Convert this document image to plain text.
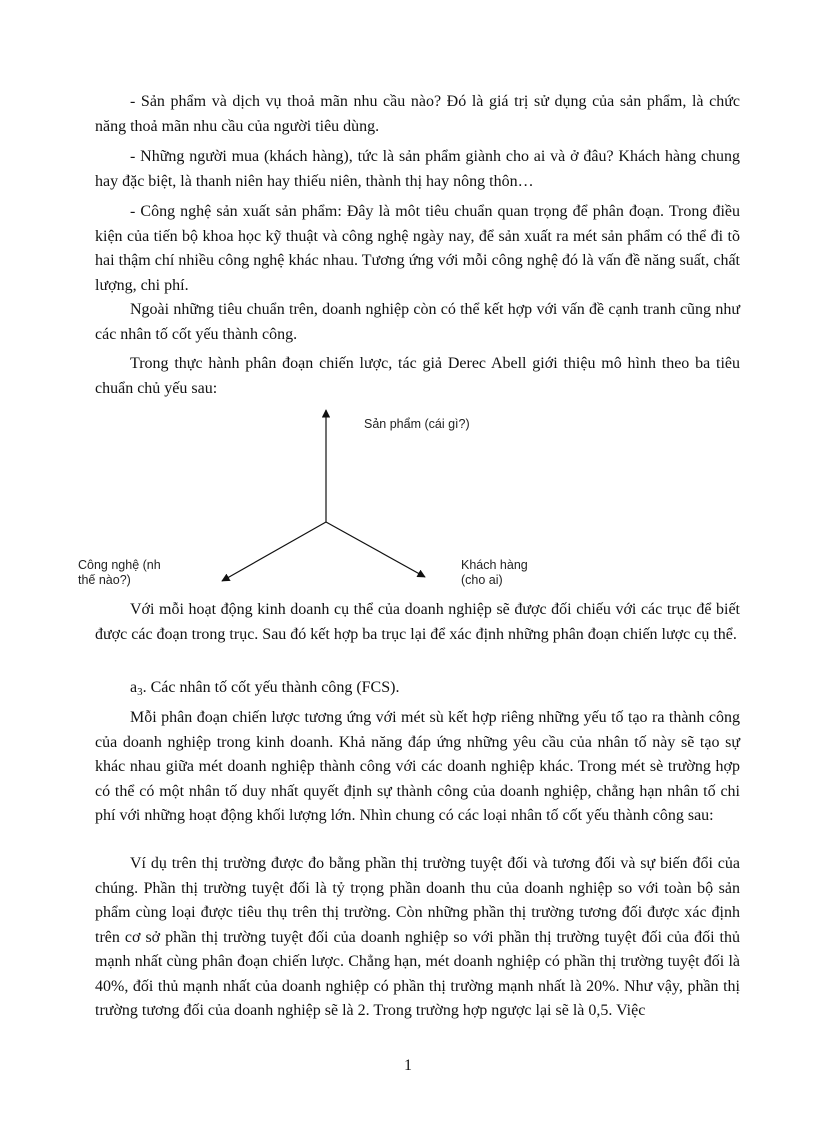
- Sản phẩm và dịch vụ thoả mãn nhu cầu nào? Đó là giá trị sử dụng của sản phẩm, là chức năng thoả mãn nhu cầu của người tiêu dùng.

- Những người mua (khách hàng), tức là sản phẩm giành cho ai và ở đâu? Khách hàng chung hay đặc biệt, là thanh niên hay thiếu niên, thành thị hay nông thôn…

- Công nghệ sản xuất sản phẩm: Đây là môt tiêu chuẩn quan trọng để phân đoạn. Trong điều kiện của tiến bộ khoa học kỹ thuật và công nghệ ngày nay, để sản xuất ra mét sản phẩm có thể đi tõ hai thậm chí nhiều công nghệ khác nhau. Tương ứng với mỗi công nghệ đó là vấn đề năng suất, chất lượng, chi phí.

Ngoài những tiêu chuẩn trên, doanh nghiệp còn có thể kết hợp với vấn đề cạnh tranh cũng như các nhân tố cốt yếu thành công.

Trong thực hành phân đoạn chiến lược, tác giả Derec Abell giới thiệu mô hình theo ba tiêu chuẩn chủ yếu sau:

Sản phẩm (cái gì?)
Công nghệ (nh
thế nào?)
Khách hàng
(cho ai)

Với mỗi hoạt động kinh doanh cụ thể của doanh nghiệp sẽ được đối chiếu với các trục để biết được các đoạn trong trục. Sau đó kết hợp ba trục lại để xác định những phân đoạn chiến lược cụ thể.

$a_3$. Các nhân tố cốt yếu thành công (FCS).

Mỗi phân đoạn chiến lược tương ứng với mét sù kết hợp riêng những yếu tố tạo ra thành công của doanh nghiệp trong kinh doanh. Khả năng đáp ứng những yêu cầu của nhân tố này sẽ tạo sự khác nhau giữa mét doanh nghiệp thành công với các doanh nghiệp khác. Trong mét sè trường hợp có thể có một nhân tố duy nhất quyết định sự thành công của doanh nghiệp, chẳng hạn nhân tố chi phí với những hoạt động khối lượng lớn. Nhìn chung có các loại nhân tố cốt yếu thành công sau:

Ví dụ trên thị trường được đo bằng phần thị trường tuyệt đối và tương đối và sự biến đổi của chúng. Phần thị trường tuyệt đối là tỷ trọng phần doanh thu của doanh nghiệp so với toàn bộ sản phẩm cùng loại được tiêu thụ trên thị trường. Còn những phần thị trường tương đối được xác định trên cơ sở phần thị trường tuyệt đối của doanh nghiệp so với phần thị trường tuyệt đối của đối thủ mạnh nhất cùng phân đoạn chiến lược. Chẳng hạn, mét doanh nghiệp có phần thị trường tuyệt đối là 40%, đối thủ mạnh nhất của doanh nghiệp có phần thị trường mạnh nhất là 20%. Như vậy, phần thị trường tương đối của doanh nghiệp sẽ là 2. Trong trường hợp ngược lại sẽ là 0,5. Việc

1
